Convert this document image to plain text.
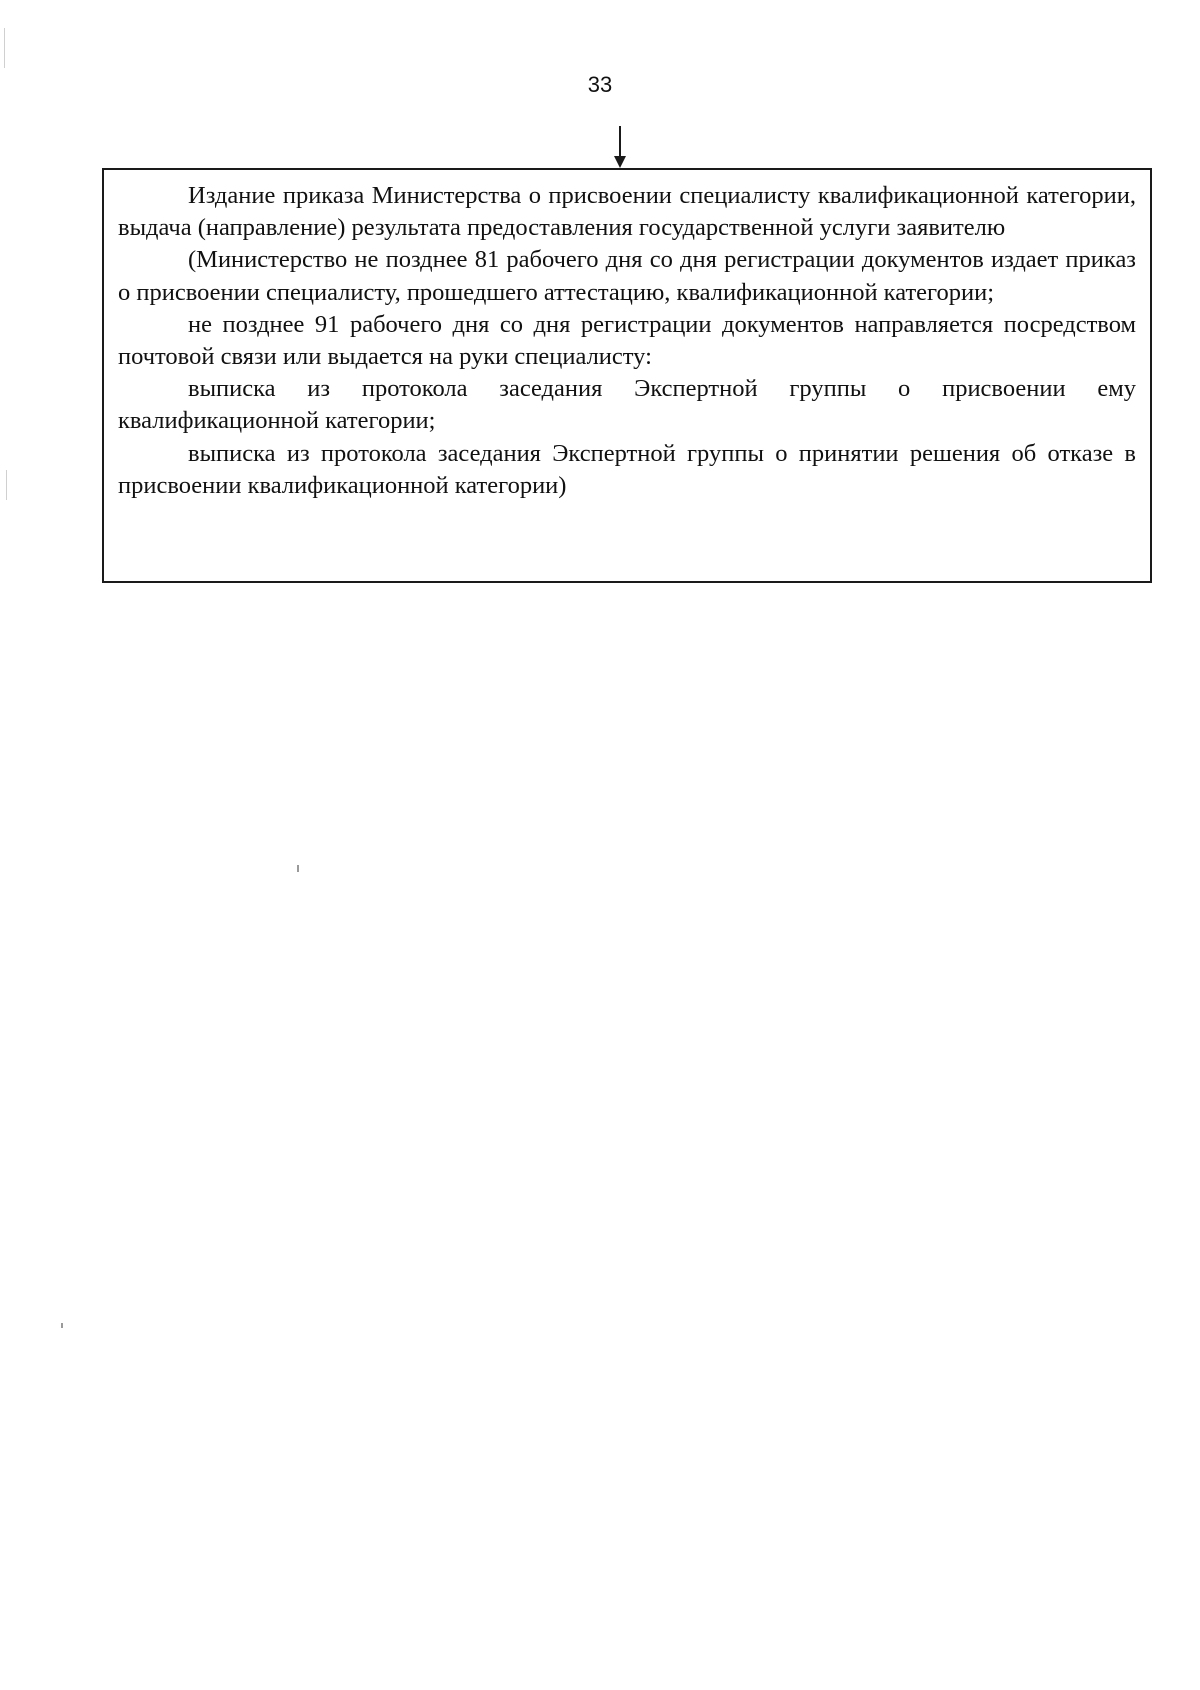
33

Издание приказа Министерства о присвоении специалисту квалификационной категории, выдача (направление) результата предоставления государственной услуги заявителю

(Министерство не позднее 81 рабочего дня со дня регистрации документов издает приказ о присвоении специалисту, прошедшего аттестацию, квалификационной категории;

не позднее 91 рабочего дня со дня регистрации документов направляется посредством почтовой связи или выдается на руки специалисту:

выписка из протокола заседания Экспертной группы о присвоении ему квалификационной категории;

выписка из протокола заседания Экспертной группы о принятии решения об отказе в присвоении квалификационной категории)
